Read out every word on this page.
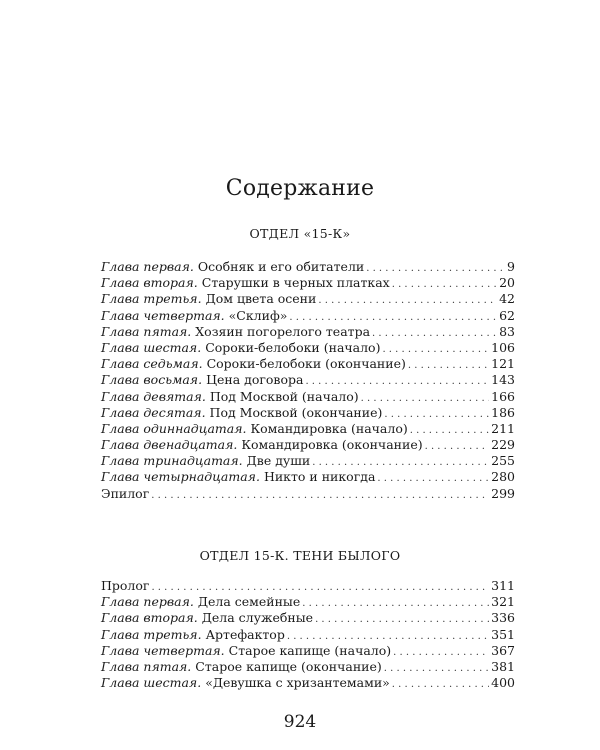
Содержание
ОТДЕЛ «15-К»
Глава первая. Особняк и его обитатели . . .	9
Глава вторая. Старушки в черных платках . . .	20
Глава третья. Дом цвета осени . . .	42
Глава четвертая. «Склиф» . . .	62
Глава пятая. Хозяин погорелого театра . . .	83
Глава шестая. Сороки-белобоки (начало) . . .	106
Глава седьмая. Сороки-белобоки (окончание) . . .	121
Глава восьмая. Цена договора . . .	143
Глава девятая. Под Москвой (начало) . . .	166
Глава десятая. Под Москвой (окончание) . . .	186
Глава одиннадцатая. Командировка (начало) . . .	211
Глава двенадцатая. Командировка (окончание) . . .	229
Глава тринадцатая. Две души . . .	255
Глава четырнадцатая. Никто и никогда . . .	280
Эпилог . . .	299
ОТДЕЛ 15-К. ТЕНИ БЫЛОГО
Пролог . . .	311
Глава первая. Дела семейные . . .	321
Глава вторая. Дела служебные . . .	336
Глава третья. Артефактор . . .	351
Глава четвертая. Старое капище (начало) . . .	367
Глава пятая. Старое капище (окончание) . . .	381
Глава шестая. «Девушка с хризантемами» . . .	400
924
